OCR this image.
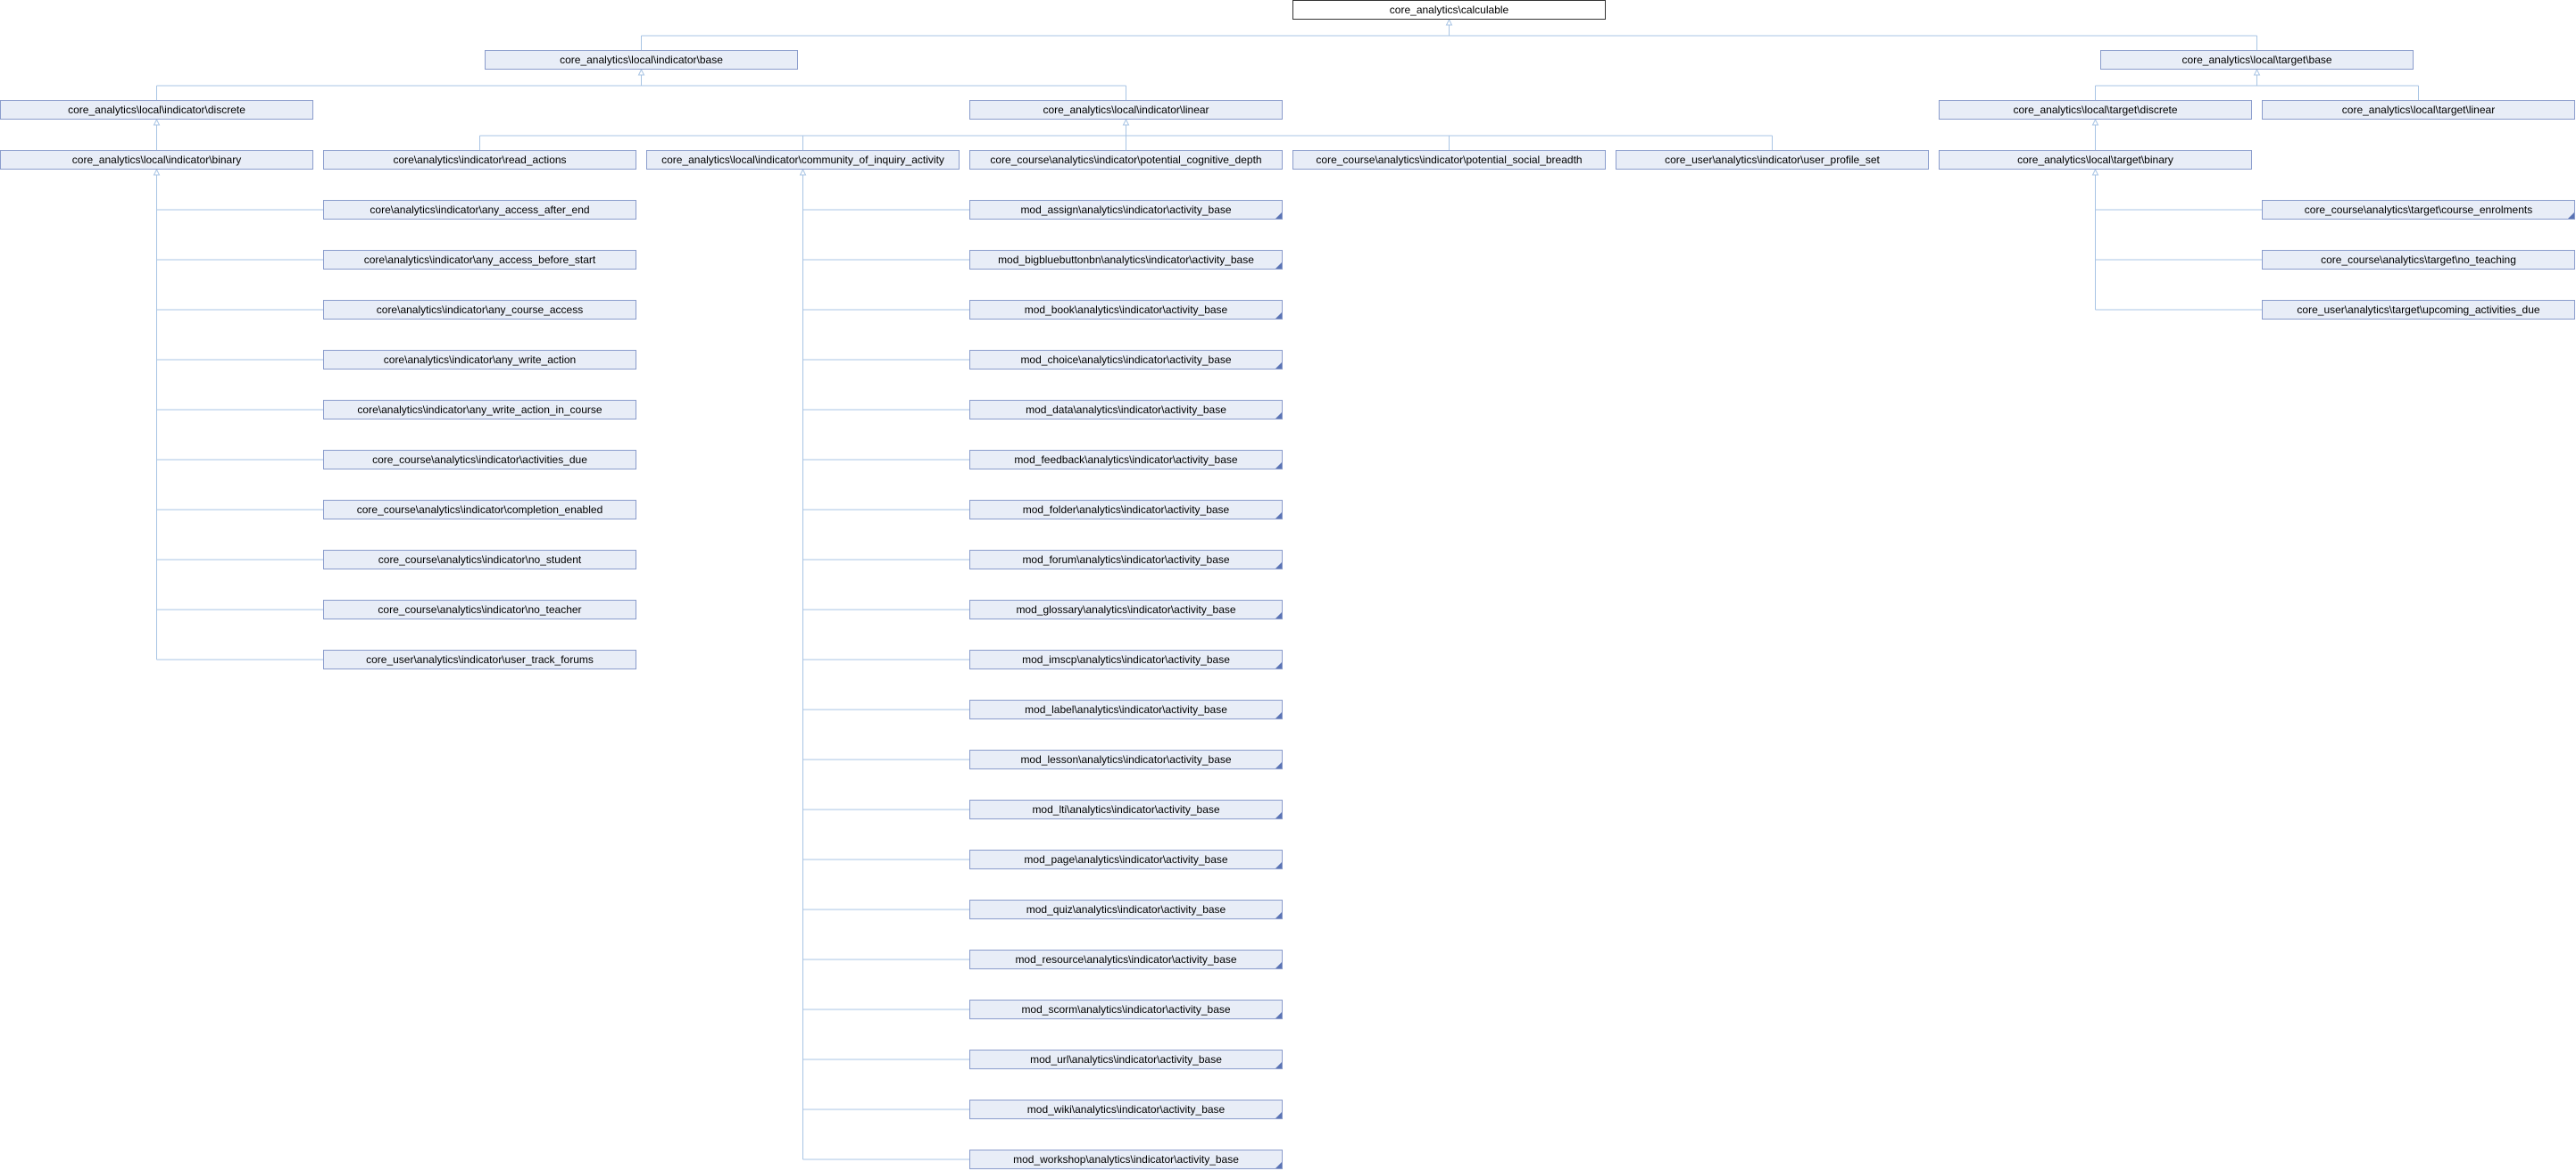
core_analytics\calculable
core_analytics\local\indicator\base	core_analytics\local\target\base
core_analytics\local\indicator\discrete	core_analytics\local\indicator\linear	core_analytics\local\target\discrete	core_analytics\local\target\linear
core_analytics\local\indicator\binary	core\analytics\indicator\read_actions	core_analytics\local\indicator\community_of_inquiry_activity	core_course\analytics\indicator\potential_cognitive_depth	core_course\analytics\indicator\potential_social_breadth	core_user\analytics\indicator\user_profile_set	core_analytics\local\target\binary
core\analytics\indicator\any_access_after_end
core\analytics\indicator\any_access_before_start
core\analytics\indicator\any_course_access
core\analytics\indicator\any_write_action
core\analytics\indicator\any_write_action_in_course
core_course\analytics\indicator\activities_due
core_course\analytics\indicator\completion_enabled
core_course\analytics\indicator\no_student
core_course\analytics\indicator\no_teacher
core_user\analytics\indicator\user_track_forums
mod_assign\analytics\indicator\activity_base
mod_bigbluebuttonbn\analytics\indicator\activity_base
mod_book\analytics\indicator\activity_base
mod_choice\analytics\indicator\activity_base
mod_data\analytics\indicator\activity_base
mod_feedback\analytics\indicator\activity_base
mod_folder\analytics\indicator\activity_base
mod_forum\analytics\indicator\activity_base
mod_glossary\analytics\indicator\activity_base
mod_imscp\analytics\indicator\activity_base
mod_label\analytics\indicator\activity_base
mod_lesson\analytics\indicator\activity_base
mod_lti\analytics\indicator\activity_base
mod_page\analytics\indicator\activity_base
mod_quiz\analytics\indicator\activity_base
mod_resource\analytics\indicator\activity_base
mod_scorm\analytics\indicator\activity_base
mod_url\analytics\indicator\activity_base
mod_wiki\analytics\indicator\activity_base
mod_workshop\analytics\indicator\activity_base
core_course\analytics\target\course_enrolments
core_course\analytics\target\no_teaching
core_user\analytics\target\upcoming_activities_due
